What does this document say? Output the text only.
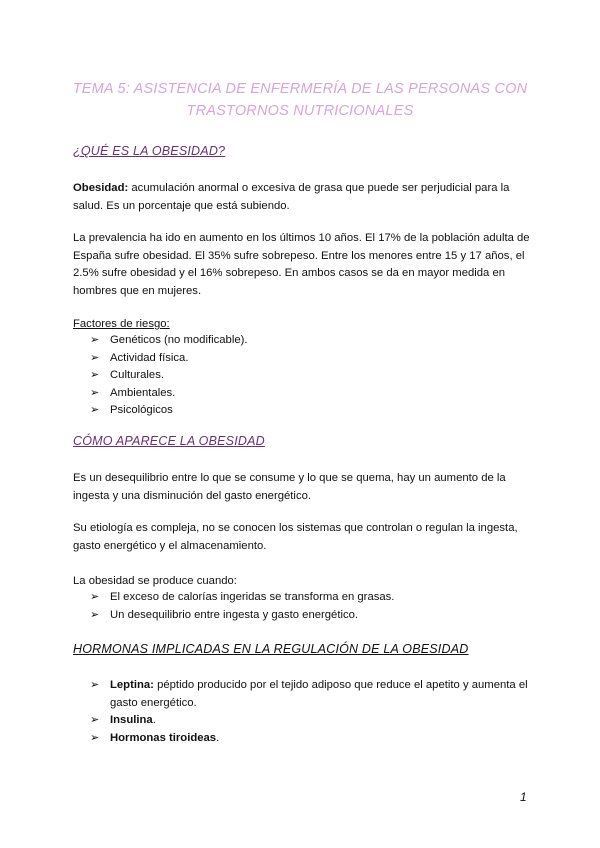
TEMA 5: ASISTENCIA DE ENFERMERÍA DE LAS PERSONAS CON
TRASTORNOS NUTRICIONALES
¿QUÉ ES LA OBESIDAD?
Obesidad: acumulación anormal o excesiva de grasa que puede ser perjudicial para la salud. Es un porcentaje que está subiendo.
La prevalencia ha ido en aumento en los últimos 10 años. El 17% de la población adulta de España sufre obesidad. El 35% sufre sobrepeso. Entre los menores entre 15 y 17 años, el 2.5% sufre obesidad y el 16% sobrepeso. En ambos casos se da en mayor medida en hombres que en mujeres.
Factores de riesgo:
➢ Genéticos (no modificable).
➢ Actividad física.
➢ Culturales.
➢ Ambientales.
➢ Psicológicos
CÓMO APARECE LA OBESIDAD
Es un desequilibrio entre lo que se consume y lo que se quema, hay un aumento de la ingesta y una disminución del gasto energético.
Su etiología es compleja, no se conocen los sistemas que controlan o regulan la ingesta, gasto energético y el almacenamiento.
La obesidad se produce cuando:
➢ El exceso de calorías ingeridas se transforma en grasas.
➢ Un desequilibrio entre ingesta y gasto energético.
HORMONAS IMPLICADAS EN LA REGULACIÓN DE LA OBESIDAD
➢ Leptina: péptido producido por el tejido adiposo que reduce el apetito y aumenta el gasto energético.
➢ Insulina.
➢ Hormonas tiroideas.
1
